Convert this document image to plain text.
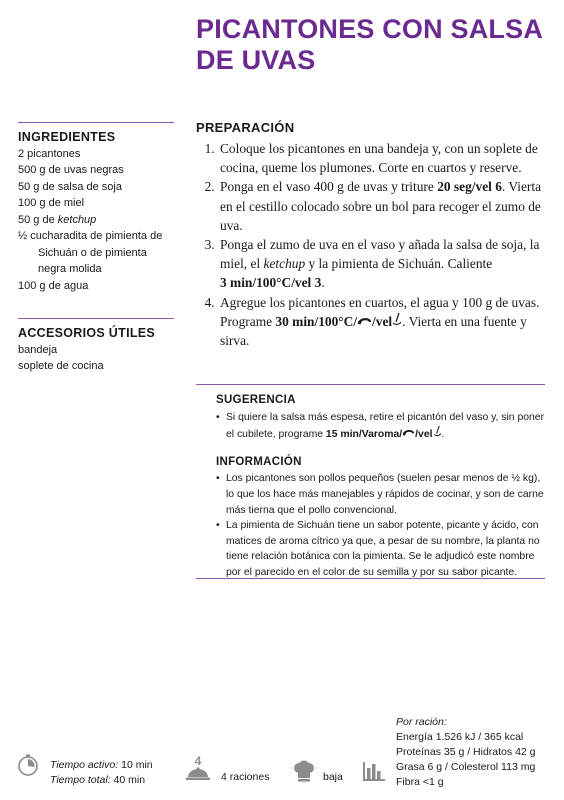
PICANTONES CON SALSA DE UVAS
INGREDIENTES
2 picantones
500 g de uvas negras
50 g de salsa de soja
100 g de miel
50 g de ketchup
½ cucharadita de pimienta de Sichuán o de pimienta negra molida
100 g de agua
ACCESORIOS ÚTILES
bandeja
soplete de cocina
PREPARACIÓN
1. Coloque los picantones en una bandeja y, con un soplete de cocina, queme los plumones. Corte en cuartos y reserve.
2. Ponga en el vaso 400 g de uvas y triture 20 seg/vel 6. Vierta en el cestillo colocado sobre un bol para recoger el zumo de uva.
3. Ponga el zumo de uva en el vaso y añada la salsa de soja, la miel, el ketchup y la pimienta de Sichuán. Caliente
3 min/100°C/vel 3.
4. Agregue los picantones en cuartos, el agua y 100 g de uvas. Programe 30 min/100°C/ /vel . Vierta en una fuente y sirva.
SUGERENCIA
• Si quiere la salsa más espesa, retire el picantón del vaso y, sin poner el cubilete, programe 15 min/Varoma/ /vel .
INFORMACIÓN
• Los picantones son pollos pequeños (suelen pesar menos de ½ kg), lo que los hace más manejables y rápidos de cocinar, y son de carne más tierna que el pollo convencional.
• La pimienta de Sichuán tiene un sabor potente, picante y ácido, con matices de aroma cítrico ya que, a pesar de su nombre, la planta no tiene relación botánica con la pimienta. Se le adjudicó este nombre por el parecido en el color de su semilla y por su sabor picante.
Tiempo activo: 10 min
Tiempo total: 40 min
4
4 raciones	baja
Por ración:
Energía 1.526 kJ / 365 kcal
Proteínas 35 g / Hidratos 42 g
Grasa 6 g / Colesterol 113 mg
Fibra <1 g
